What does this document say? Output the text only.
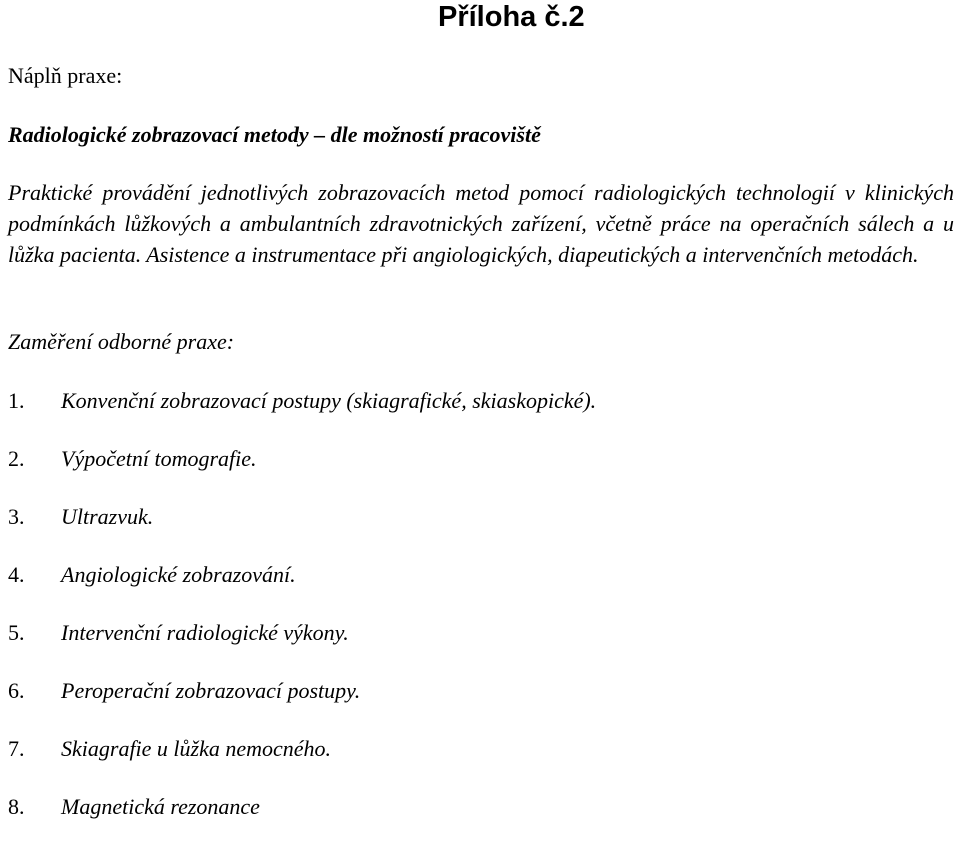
Příloha č.2
Náplň praxe:
Radiologické zobrazovací metody – dle možností pracoviště

Praktické provádění jednotlivých zobrazovacích metod pomocí radiologických technologií v klinických podmínkách lůžkových a ambulantních zdravotnických zařízení, včetně práce na operačních sálech a u lůžka pacienta. Asistence a instrumentace při angiologických, diapeutických a intervenčních metodách.

Zaměření odborné praxe:
1.	Konvenční zobrazovací postupy (skiagrafické, skiaskopické).
2.	Výpočetní tomografie.
3.	Ultrazvuk.
4.	Angiologické zobrazování.
5.	Intervenční radiologické výkony.
6.	Peroperační zobrazovací postupy.
7.	Skiagrafie u lůžka nemocného.
8.	Magnetická rezonance
